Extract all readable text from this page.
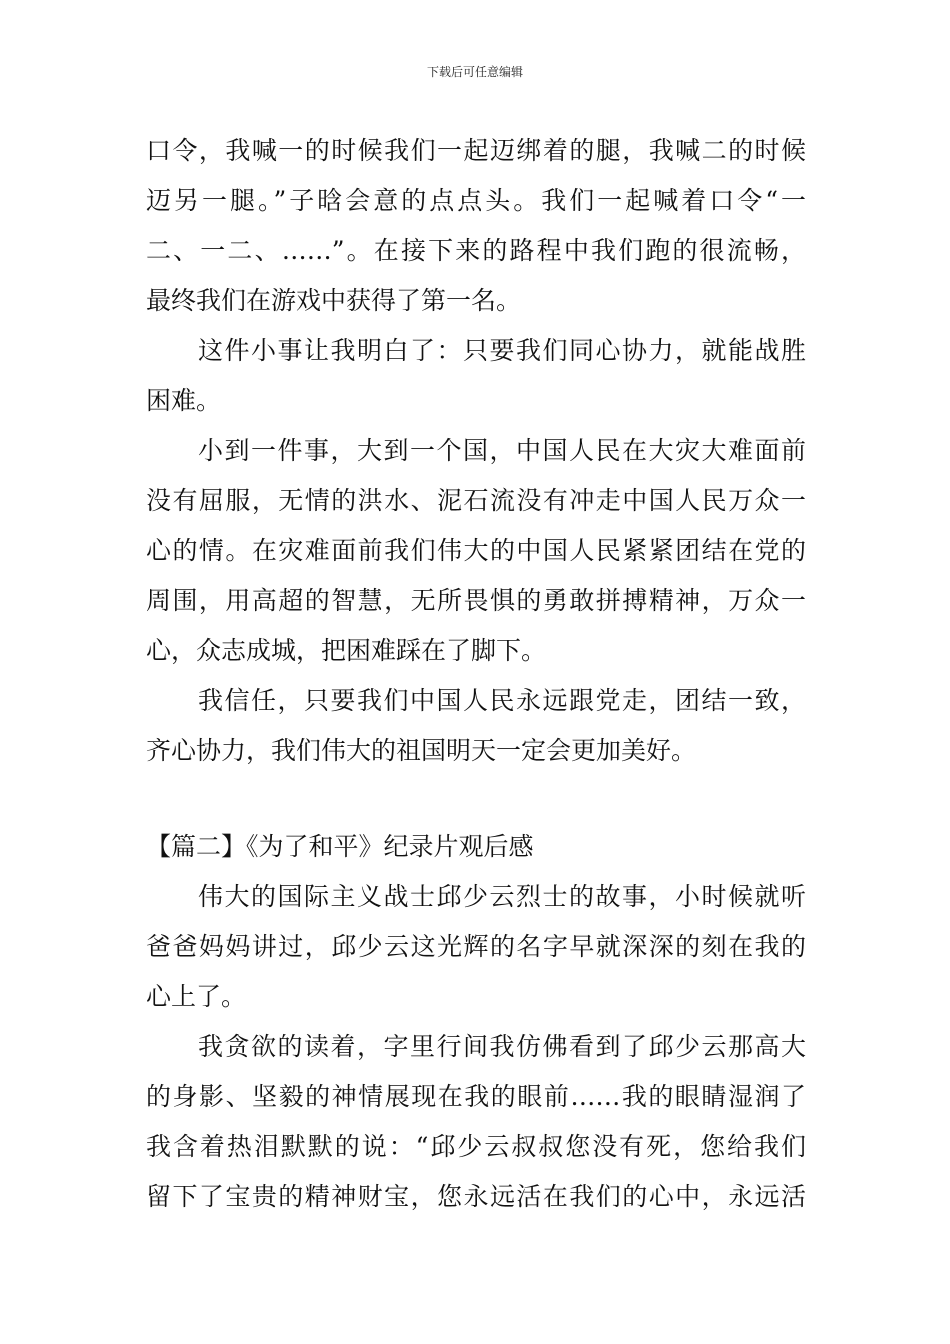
下载后可任意编辑
口令，我喊一的时候我们一起迈绑着的腿，我喊二的时候
迈另一腿。”子晗会意的点点头。我们一起喊着口令“一
二、一二、……”。在接下来的路程中我们跑的很流畅，
最终我们在游戏中获得了第一名。
这件小事让我明白了：只要我们同心协力，就能战胜
困难。
小到一件事，大到一个国，中国人民在大灾大难面前
没有屈服，无情的洪水、泥石流没有冲走中国人民万众一
心的情。在灾难面前我们伟大的中国人民紧紧团结在党的
周围，用高超的智慧，无所畏惧的勇敢拼搏精神，万众一
心，众志成城，把困难踩在了脚下。
我信任，只要我们中国人民永远跟党走，团结一致，
齐心协力，我们伟大的祖国明天一定会更加美好。
【篇二】《为了和平》纪录片观后感
伟大的国际主义战士邱少云烈士的故事，小时候就听
爸爸妈妈讲过，邱少云这光辉的名字早就深深的刻在我的
心上了。
我贪欲的读着，字里行间我仿佛看到了邱少云那高大
的身影、坚毅的神情展现在我的眼前……我的眼睛湿润了
我含着热泪默默的说：“邱少云叔叔您没有死，您给我们
留下了宝贵的精神财宝，您永远活在我们的心中，永远活
